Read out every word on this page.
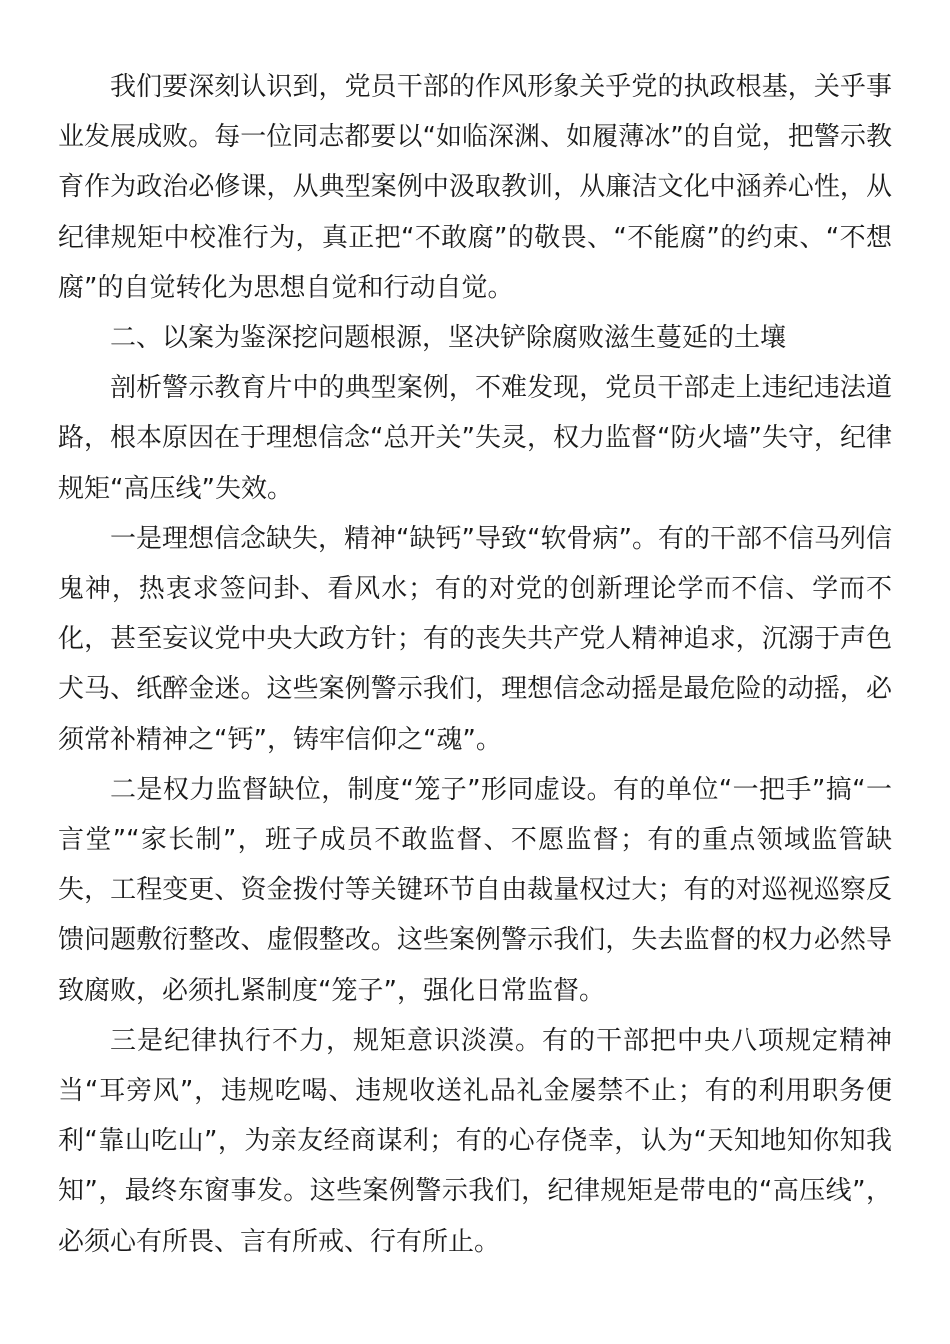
我们要深刻认识到，党员干部的作风形象关乎党的执政根基，关乎事业发展成败。每一位同志都要以“如临深渊、如履薄冰”的自觉，把警示教育作为政治必修课，从典型案例中汲取教训，从廉洁文化中涵养心性，从纪律规矩中校准行为，真正把“不敢腐”的敬畏、“不能腐”的约束、“不想腐”的自觉转化为思想自觉和行动自觉。

二、以案为鉴深挖问题根源，坚决铲除腐败滋生蔓延的土壤

剖析警示教育片中的典型案例，不难发现，党员干部走上违纪违法道路，根本原因在于理想信念“总开关”失灵，权力监督“防火墙”失守，纪律规矩“高压线”失效。

一是理想信念缺失，精神“缺钙”导致“软骨病”。有的干部不信马列信鬼神，热衷求签问卦、看风水；有的对党的创新理论学而不信、学而不化，甚至妄议党中央大政方针；有的丧失共产党人精神追求，沉溺于声色犬马、纸醉金迷。这些案例警示我们，理想信念动摇是最危险的动摇，必须常补精神之“钙”，铸牢信仰之“魂”。

二是权力监督缺位，制度“笼子”形同虚设。有的单位“一把手”搞“一言堂”“家长制”，班子成员不敢监督、不愿监督；有的重点领域监管缺失，工程变更、资金拨付等关键环节自由裁量权过大；有的对巡视巡察反馈问题敷衍整改、虚假整改。这些案例警示我们，失去监督的权力必然导致腐败，必须扎紧制度“笼子”，强化日常监督。

三是纪律执行不力，规矩意识淡漠。有的干部把中央八项规定精神当“耳旁风”，违规吃喝、违规收送礼品礼金屡禁不止；有的利用职务便利“靠山吃山”，为亲友经商谋利；有的心存侥幸，认为“天知地知你知我知”，最终东窗事发。这些案例警示我们，纪律规矩是带电的“高压线”，必须心有所畏、言有所戒、行有所止。
